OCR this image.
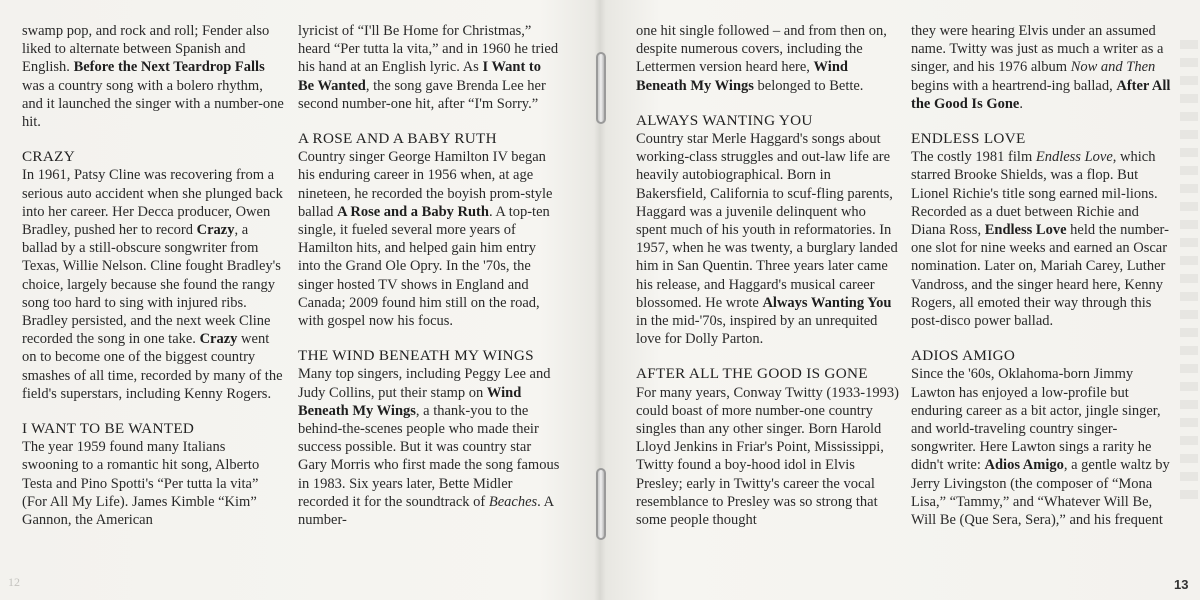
12

swamp pop, and rock and roll; Fender also liked to alternate between Spanish and English. Before the Next Teardrop Falls was a country song with a bolero rhythm, and it launched the singer with a number-one hit.

CRAZY

In 1961, Patsy Cline was recovering from a serious auto accident when she plunged back into her career. Her Decca producer, Owen Bradley, pushed her to record Crazy, a ballad by a still-obscure songwriter from Texas, Willie Nelson. Cline fought Bradley's choice, largely because she found the rangy song too hard to sing with injured ribs. Bradley persisted, and the next week Cline recorded the song in one take. Crazy went on to become one of the biggest country smashes of all time, recorded by many of the field's superstars, including Kenny Rogers.

I WANT TO BE WANTED

The year 1959 found many Italians swooning to a romantic hit song, Alberto Testa and Pino Spotti's “Per tutta la vita” (For All My Life). James Kimble “Kim” Gannon, the American

lyricist of “I'll Be Home for Christmas,” heard “Per tutta la vita,” and in 1960 he tried his hand at an English lyric. As I Want to Be Wanted, the song gave Brenda Lee her second number-one hit, after “I'm Sorry.”

A ROSE AND A BABY RUTH

Country singer George Hamilton IV began his enduring career in 1956 when, at age nineteen, he recorded the boyish prom-style ballad A Rose and a Baby Ruth. A top-ten single, it fueled several more years of Hamilton hits, and helped gain him entry into the Grand Ole Opry. In the '70s, the singer hosted TV shows in England and Canada; 2009 found him still on the road, with gospel now his focus.

THE WIND BENEATH MY WINGS

Many top singers, including Peggy Lee and Judy Collins, put their stamp on Wind Beneath My Wings, a thank-you to the behind-the-scenes people who made their success possible. But it was country star Gary Morris who first made the song famous in 1983. Six years later, Bette Midler recorded it for the soundtrack of Beaches. A number-

one hit single followed – and from then on, despite numerous covers, including the Lettermen version heard here, Wind Beneath My Wings belonged to Bette.

ALWAYS WANTING YOU

Country star Merle Haggard's songs about working-class struggles and out-law life are heavily autobiographical. Born in Bakersfield, California to scuf-fling parents, Haggard was a juvenile delinquent who spent much of his youth in reformatories. In 1957, when he was twenty, a burglary landed him in San Quentin. Three years later came his release, and Haggard's musical career blossomed. He wrote Always Wanting You in the mid-'70s, inspired by an unrequited love for Dolly Parton.

AFTER ALL THE GOOD IS GONE

For many years, Conway Twitty (1933-1993) could boast of more number-one country singles than any other singer. Born Harold Lloyd Jenkins in Friar's Point, Mississippi, Twitty found a boy-hood idol in Elvis Presley; early in Twitty's career the vocal resemblance to Presley was so strong that some people thought

they were hearing Elvis under an assumed name. Twitty was just as much a writer as a singer, and his 1976 album Now and Then begins with a heartrend-ing ballad, After All the Good Is Gone.

ENDLESS LOVE

The costly 1981 film Endless Love, which starred Brooke Shields, was a flop. But Lionel Richie's title song earned mil-lions. Recorded as a duet between Richie and Diana Ross, Endless Love held the number-one slot for nine weeks and earned an Oscar nomination. Later on, Mariah Carey, Luther Vandross, and the singer heard here, Kenny Rogers, all emoted their way through this post-disco power ballad.

ADIOS AMIGO

Since the '60s, Oklahoma-born Jimmy Lawton has enjoyed a low-profile but enduring career as a bit actor, jingle singer, and world-traveling country singer-songwriter. Here Lawton sings a rarity he didn't write: Adios Amigo, a gentle waltz by Jerry Livingston (the composer of “Mona Lisa,” “Tammy,” and “Whatever Will Be, Will Be (Que Sera, Sera),” and his frequent

13
